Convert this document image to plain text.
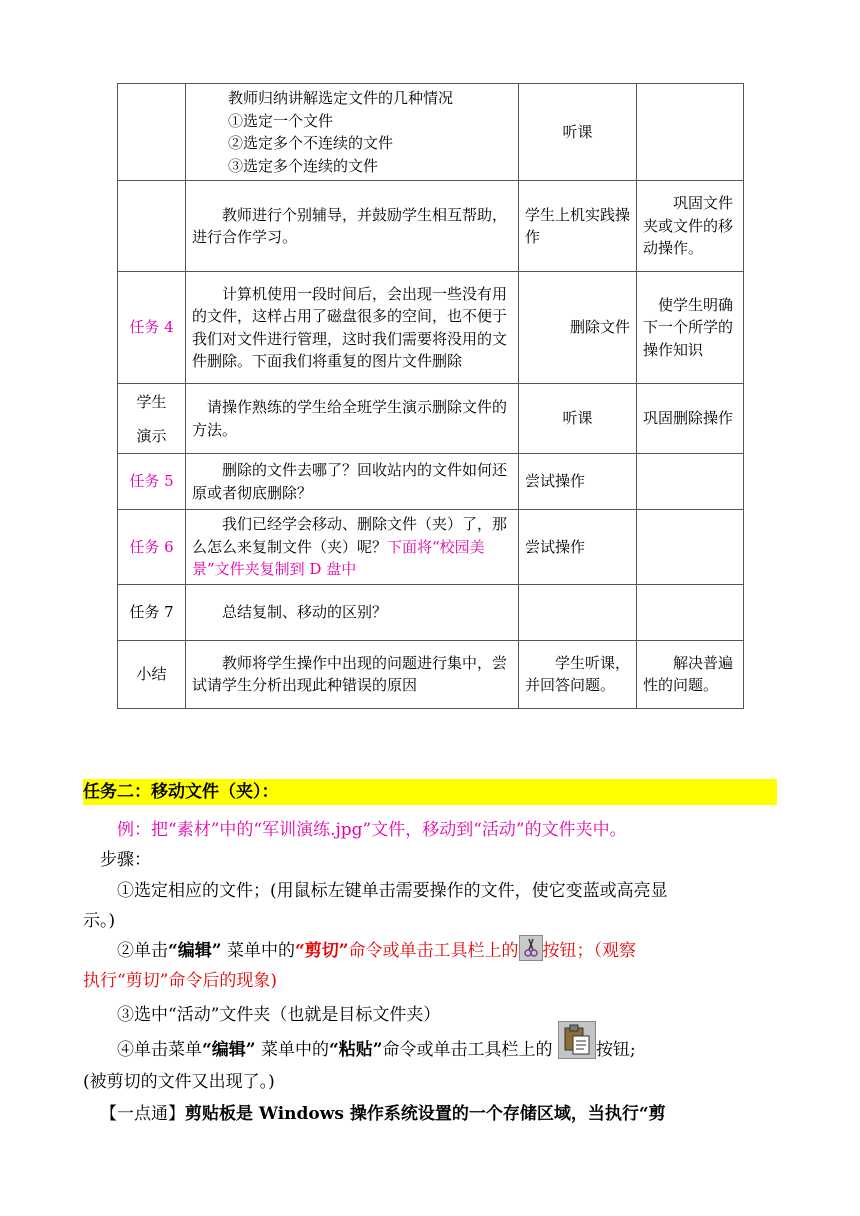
	教师归纳讲解选定文件的几种情况
①选定一个文件
②选定多个不连续的文件
③选定多个连续的文件	听课	
	教师进行个别辅导，并鼓励学生相互帮助，进行合作学习。	学生上机实践操作	巩固文件夹或文件的移动操作。
任务 4	计算机使用一段时间后，会出现一些没有用的文件，这样占用了磁盘很多的空间，也不便于我们对文件进行管理，这时我们需要将没用的文件删除。下面我们将重复的图片文件删除	删除文件	使学生明确下一个所学的操作知识
学生演示	请操作熟练的学生给全班学生演示删除文件的方法。	听课	巩固删除操作
任务 5	删除的文件去哪了？回收站内的文件如何还原或者彻底删除？	尝试操作	
任务 6	我们已经学会移动、删除文件（夹）了，那么怎么来复制文件（夹）呢？下面将“校园美景”文件夹复制到 D 盘中	尝试操作	
任务 7	总结复制、移动的区别？		
小结	教师将学生操作中出现的问题进行集中，尝试请学生分析出现此种错误的原因	学生听课，并回答问题。	解决普遍性的问题。
任务二：移动文件（夹）：
例：把“素材”中的“军训演练.jpg”文件，移动到“活动”的文件夹中。
步骤：
①选定相应的文件；(用鼠标左键单击需要操作的文件，使它变蓝或高亮显
示。)
②单击“编辑” 菜单中的“剪切”命令或单击工具栏上的 按钮；（观察
执行“剪切”命令后的现象)
③选中“活动”文件夹（也就是目标文件夹）
④单击菜单“编辑” 菜单中的“粘贴”命令或单击工具栏上的	按钮;
(被剪切的文件又出现了。)
【一点通】剪贴板是 Windows 操作系统设置的一个存储区域，当执行“剪
